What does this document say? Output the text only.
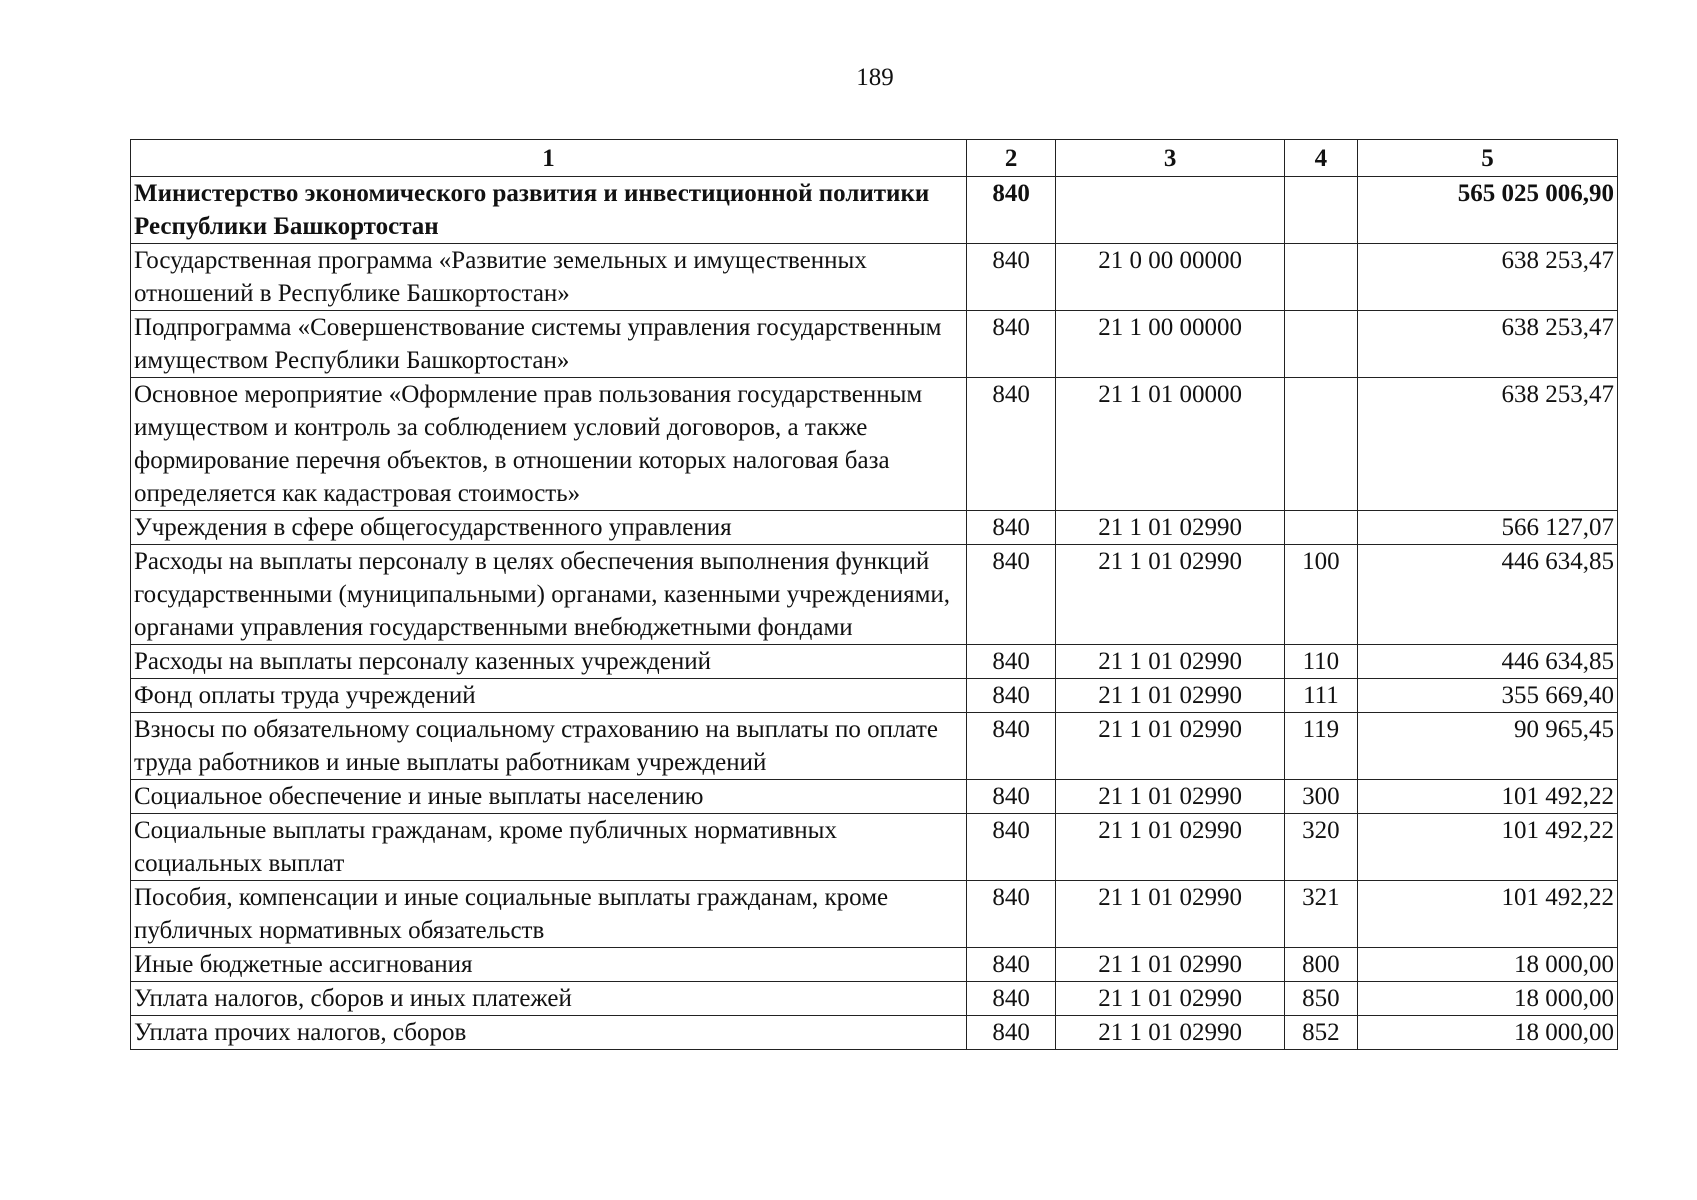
189
1	2	3	4	5
Министерство экономического развития и инвестиционной политики Республики Башкортостан	840			565 025 006,90
Государственная программа «Развитие земельных и имущественных отношений в Республике Башкортостан»	840	21 0 00 00000		638 253,47
Подпрограмма «Совершенствование системы управления государственным имуществом Республики Башкортостан»	840	21 1 00 00000		638 253,47
Основное мероприятие «Оформление прав пользования государственным имуществом и контроль за соблюдением условий договоров, а также формирование перечня объектов, в отношении которых налоговая база определяется как кадастровая стоимость»	840	21 1 01 00000		638 253,47
Учреждения в сфере общегосударственного управления	840	21 1 01 02990		566 127,07
Расходы на выплаты персоналу в целях обеспечения выполнения функций государственными (муниципальными) органами, казенными учреждениями, органами управления государственными внебюджетными фондами	840	21 1 01 02990	100	446 634,85
Расходы на выплаты персоналу казенных учреждений	840	21 1 01 02990	110	446 634,85
Фонд оплаты труда учреждений	840	21 1 01 02990	111	355 669,40
Взносы по обязательному социальному страхованию на выплаты по оплате труда работников и иные выплаты работникам учреждений	840	21 1 01 02990	119	90 965,45
Социальное обеспечение и иные выплаты населению	840	21 1 01 02990	300	101 492,22
Социальные выплаты гражданам, кроме публичных нормативных социальных выплат	840	21 1 01 02990	320	101 492,22
Пособия, компенсации и иные социальные выплаты гражданам, кроме публичных нормативных обязательств	840	21 1 01 02990	321	101 492,22
Иные бюджетные ассигнования	840	21 1 01 02990	800	18 000,00
Уплата налогов, сборов и иных платежей	840	21 1 01 02990	850	18 000,00
Уплата прочих налогов, сборов	840	21 1 01 02990	852	18 000,00
